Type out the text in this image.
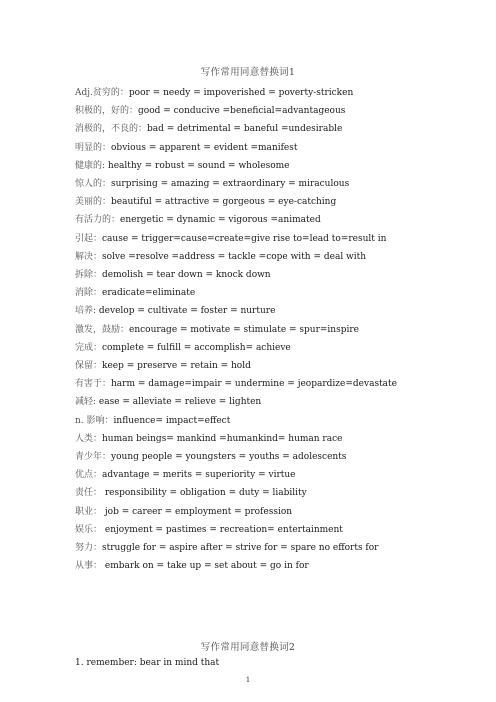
写作常用同意替换词1
Adj.贫穷的：poor = needy = impoverished = poverty-stricken
积极的，好的：good = conducive =beneficial=advantageous
消极的，不良的：bad = detrimental = baneful =undesirable
明显的：obvious = apparent = evident =manifest
健康的: healthy = robust = sound = wholesome
惊人的：surprising = amazing = extraordinary = miraculous
美丽的：beautiful = attractive = gorgeous = eye-catching
有活力的：energetic = dynamic = vigorous =animated
引起：cause = trigger=cause=create=give rise to=lead to=result in
解决：solve =resolve =address = tackle =cope with = deal with
拆除：demolish = tear down = knock down
消除：eradicate=eliminate
培养: develop = cultivate = foster = nurture
激发，鼓励：encourage = motivate = stimulate = spur=inspire
完成：complete = fulfill = accomplish= achieve
保留：keep = preserve = retain = hold
有害于：harm = damage=impair = undermine = jeopardize=devastate
减轻: ease = alleviate = relieve = lighten
n. 影响：influence= impact=effect
人类：human beings= mankind =humankind= human race
青少年：young people = youngsters = youths = adolescents
优点：advantage = merits = superiority = virtue
责任： responsibility = obligation = duty = liability
职业： job = career = employment = profession
娱乐： enjoyment = pastimes = recreation= entertainment
努力：struggle for = aspire after = strive for = spare no efforts for
从事： embark on = take up = set about = go in for
写作常用同意替换词2
1. remember: bear in mind that
1
